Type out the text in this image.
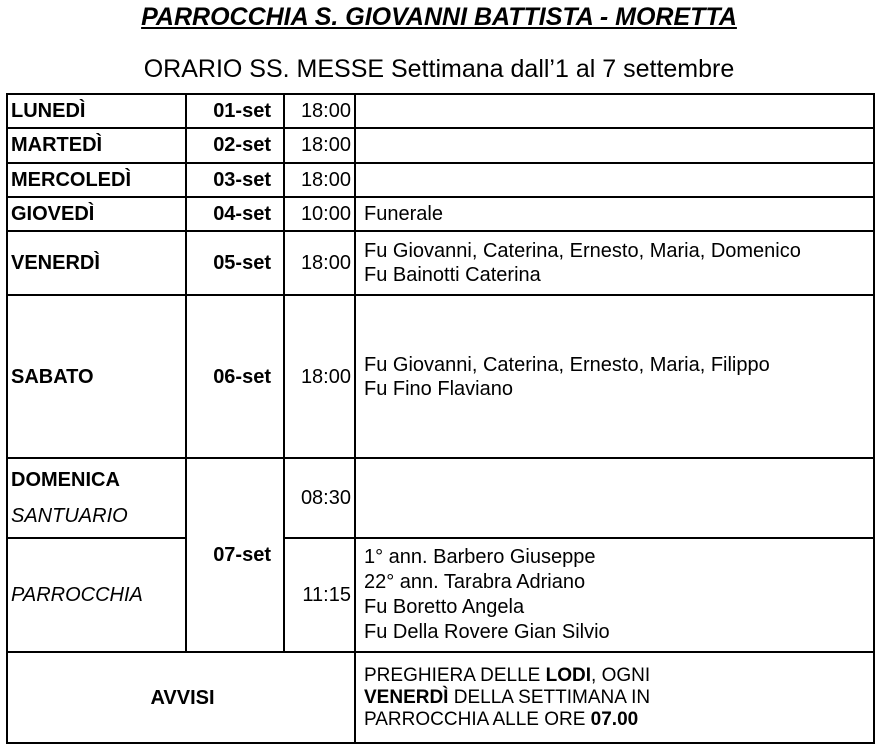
PARROCCHIA S. GIOVANNI BATTISTA - MORETTA
ORARIO SS. MESSE Settimana dall’1 al 7 settembre
LUNEDÌ	01-set	18:00	
MARTEDÌ	02-set	18:00	
MERCOLEDÌ	03-set	18:00	
GIOVEDÌ	04-set	10:00	Funerale

VENERDÌ	05-set	18:00	Fu Giovanni, Caterina, Ernesto, Maria, Domenico
Fu Bainotti Caterina

SABATO	06-set	18:00	Fu Giovanni, Caterina, Ernesto, Maria, Filippo
Fu Fino Flaviano

DOMENICA
SANTUARIO	07-set	08:30	
PARROCCHIA		11:15	1° ann. Barbero Giuseppe
22° ann. Tarabra Adriano
Fu Boretto Angela
Fu Della Rovere Gian Silvio

AVVISI			PREGHIERA DELLE LODI, OGNI
VENERDÌ DELLA SETTIMANA IN
PARROCCHIA ALLE ORE 07.00
